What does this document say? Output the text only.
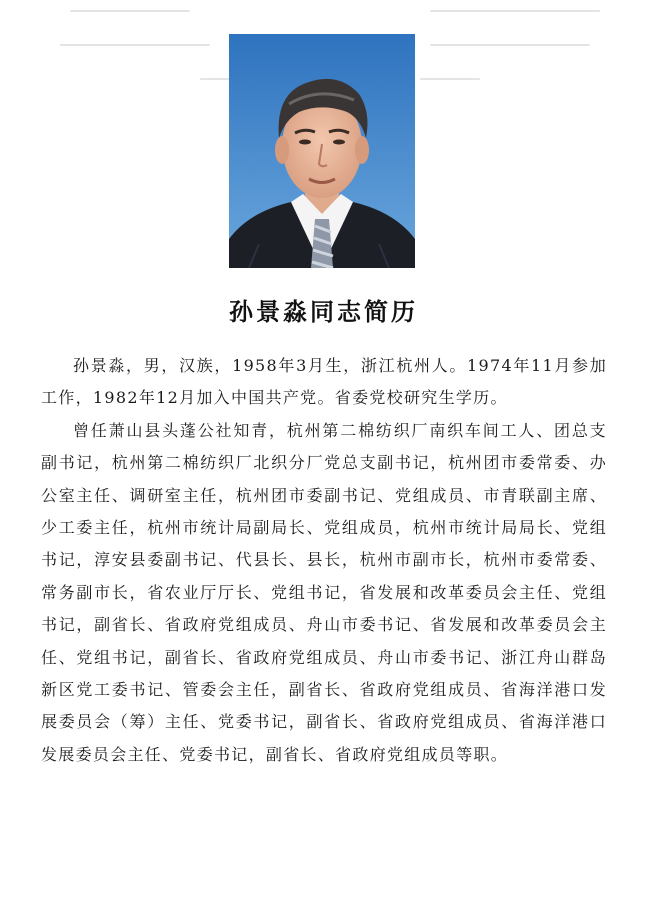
孙景淼同志简历

孙景淼，男，汉族，1958年3月生，浙江杭州人。1974年11月参加工作，1982年12月加入中国共产党。省委党校研究生学历。

曾任萧山县头蓬公社知青，杭州第二棉纺织厂南织车间工人、团总支副书记，杭州第二棉纺织厂北织分厂党总支副书记，杭州团市委常委、办公室主任、调研室主任，杭州团市委副书记、党组成员、市青联副主席、少工委主任，杭州市统计局副局长、党组成员，杭州市统计局局长、党组书记，淳安县委副书记、代县长、县长，杭州市副市长，杭州市委常委、常务副市长，省农业厅厅长、党组书记，省发展和改革委员会主任、党组书记，副省长、省政府党组成员、舟山市委书记、省发展和改革委员会主任、党组书记，副省长、省政府党组成员、舟山市委书记、浙江舟山群岛新区党工委书记、管委会主任，副省长、省政府党组成员、省海洋港口发展委员会（筹）主任、党委书记，副省长、省政府党组成员、省海洋港口发展委员会主任、党委书记，副省长、省政府党组成员等职。
